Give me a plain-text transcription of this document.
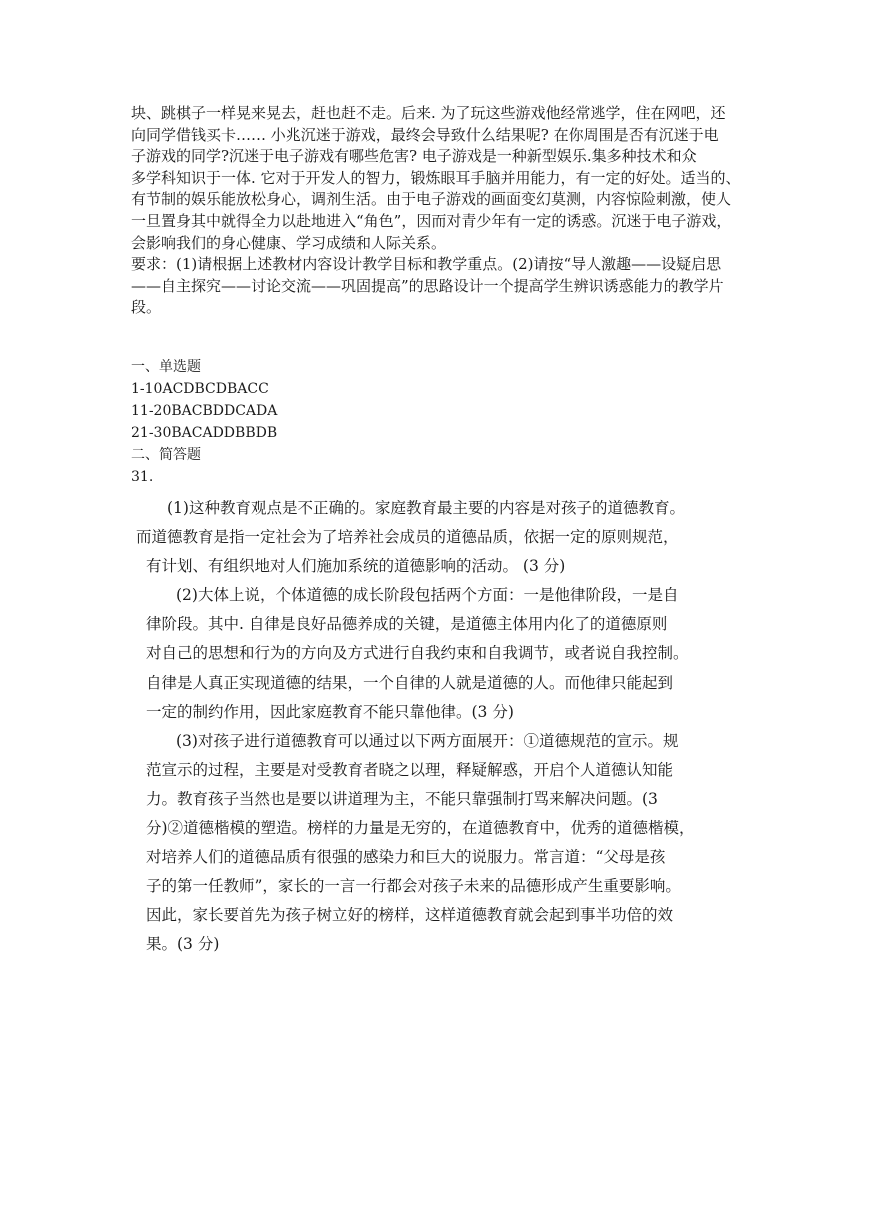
块、跳棋子一样晃来晃去，赶也赶不走。后来. 为了玩这些游戏他经常逃学，住在网吧，还

向同学借钱买卡…… 小兆沉迷于游戏，最终会导致什么结果呢? 在你周围是否有沉迷于电

子游戏的同学?沉迷于电子游戏有哪些危害? 电子游戏是一种新型娱乐.集多种技术和众

多学科知识于一体. 它对于开发人的智力，锻炼眼耳手脑并用能力，有一定的好处。适当的、

有节制的娱乐能放松身心，调剂生活。由于电子游戏的画面变幻莫测，内容惊险刺激，使人

一旦置身其中就得全力以赴地进入“角色”，因而对青少年有一定的诱惑。沉迷于电子游戏，

会影响我们的身心健康、学习成绩和人际关系。

要求：(1)请根据上述教材内容设计教学目标和教学重点。(2)请按“导人激趣——设疑启思

——自主探究——讨论交流——巩固提高”的思路设计一个提高学生辨识诱惑能力的教学片

段。

一、单选题

1-10ACDBCDBACC

11-20BACBDDCADA

21-30BACADDBBDB

二、简答题

31.

(1)这种教育观点是不正确的。家庭教育最主要的内容是对孩子的道德教育。

而道德教育是指一定社会为了培养社会成员的道德品质，依据一定的原则规范，

有计划、有组织地对人们施加系统的道德影响的活动。 (3 分)

(2)大体上说，个体道德的成长阶段包括两个方面：一是他律阶段，一是自

律阶段。其中. 自律是良好品德养成的关键，是道德主体用内化了的道德原则

对自己的思想和行为的方向及方式进行自我约束和自我调节，或者说自我控制。

自律是人真正实现道德的结果，一个自律的人就是道德的人。而他律只能起到

一定的制约作用，因此家庭教育不能只靠他律。(3 分)

(3)对孩子进行道德教育可以通过以下两方面展开：①道德规范的宣示。规

范宣示的过程，主要是对受教育者晓之以理，释疑解惑，开启个人道德认知能

力。教育孩子当然也是要以讲道理为主，不能只靠强制打骂来解决问题。(3

分)②道德楷模的塑造。榜样的力量是无穷的，在道德教育中，优秀的道德楷模，

对培养人们的道德品质有很强的感染力和巨大的说服力。常言道：“父母是孩

子的第一任教师”，家长的一言一行都会对孩子未来的品德形成产生重要影响。

因此，家长要首先为孩子树立好的榜样，这样道德教育就会起到事半功倍的效

果。(3 分)
